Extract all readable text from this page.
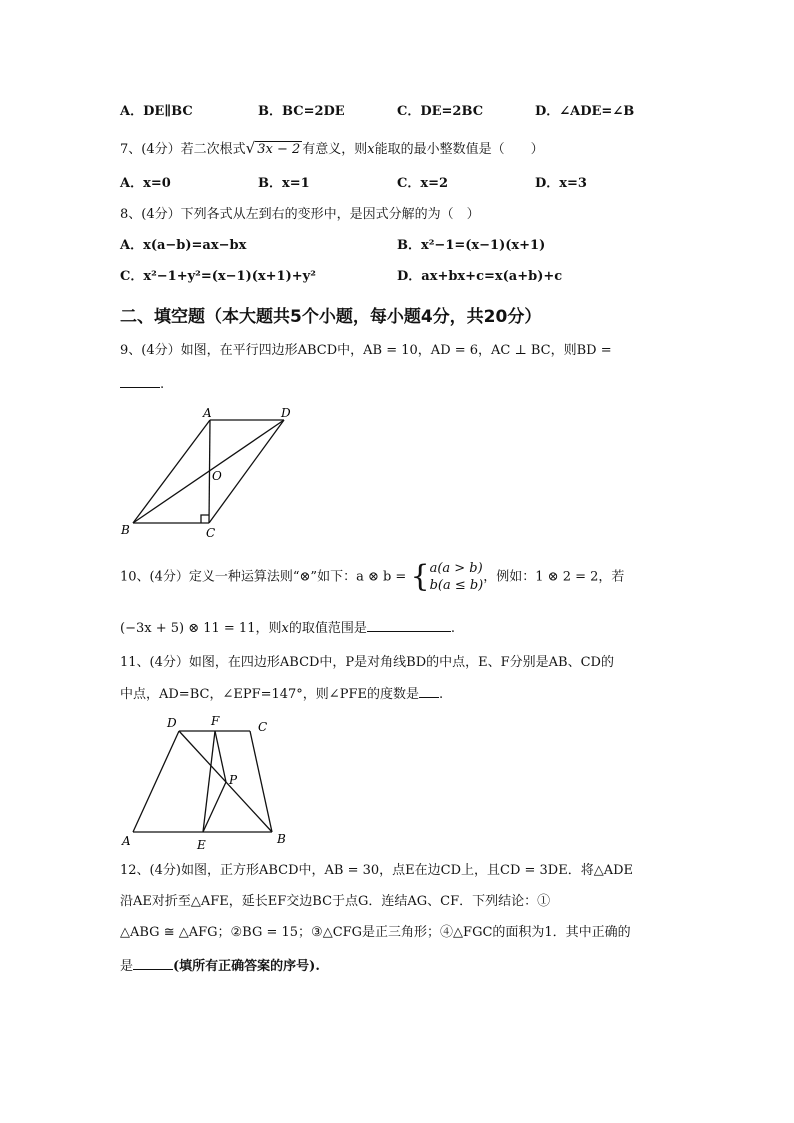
A．DE∥BC	B．BC=2DE	C．DE=2BC	D．∠ADE=∠B
7、(4分）若二次根式√ 3x − 2 有意义，则x能取的最小整数值是（　　）
A．x=0	B．x=1	C．x=2	D．x=3
8、(4分）下列各式从左到右的变形中，是因式分解的为（　）
A．x(a−b)=ax−bx	B．x²−1=(x−1)(x+1)
C．x²−1+y²=(x−1)(x+1)+y²	D．ax+bx+c=x(a+b)+c
二、填空题（本大题共5个小题，每小题4分，共20分）
9、(4分）如图，在平行四边形ABCD中，AB = 10，AD = 6，AC ⊥ BC，则BD =
.
A	D
O
B	C
D	F	C
P
A	E	B
10、(4分）定义一种运算法则“⊗”如下：a ⊗ b = { a(a > b)
b(a ≤ b)
，例如：1 ⊗ 2 = 2，若
(−3x + 5) ⊗ 11 = 11，则x的取值范围是	.
11、(4分）如图，在四边形ABCD中，P是对角线BD的中点，E、F分别是AB、CD的
中点，AD=BC，∠EPF=147°，则∠PFE的度数是 .
12、(4分)如图，正方形ABCD中，AB = 30，点E在边CD上，且CD = 3DE．将△ADE
沿AE对折至△AFE，延长EF交边BC于点G．连结AG、CF．下列结论：①
△ABG ≅ △AFG；②BG = 15；③△CFG是正三角形；④△FGC的面积为1．其中正确的
是	(填所有正确答案的序号).
